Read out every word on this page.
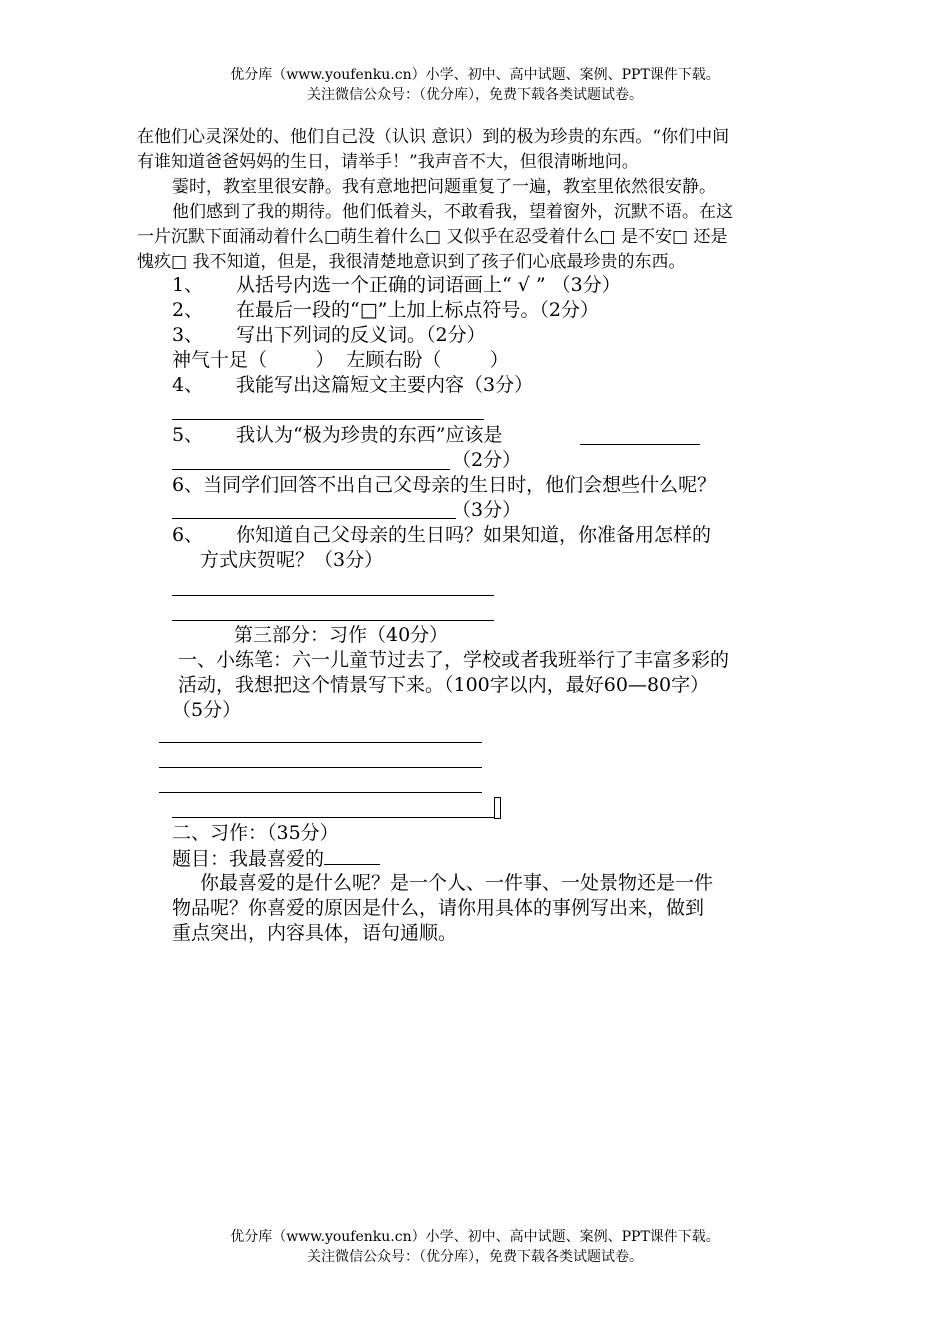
优分库（www.youfenku.cn）小学、初中、高中试题、案例、PPT课件下载。
关注微信公众号：（优分库），免费下载各类试题试卷。
在他们心灵深处的、他们自己没（认识 意识）到的极为珍贵的东西。“你们中间
有谁知道爸爸妈妈的生日，请举手！”我声音不大，但很清晰地问。
霎时，教室里很安静。我有意地把问题重复了一遍，教室里依然很安静。
他们感到了我的期待。他们低着头，不敢看我，望着窗外，沉默不语。在这
一片沉默下面涌动着什么□萌生着什么□ 又似乎在忍受着什么□ 是不安□ 还是
愧疚□ 我不知道，但是，我很清楚地意识到了孩子们心底最珍贵的东西。
1、 从括号内选一个正确的词语画上“ √ ” （3分）
2、 在最后一段的“□”上加上标点符号。（2分）
3、 写出下列词的反义词。（2分）
神气十足（        ）  左顾右盼（        ）
4、 我能写出这篇短文主要内容（3分）
5、 我认为“极为珍贵的东西”应该是
（2分）
6、当同学们回答不出自己父母亲的生日时，他们会想些什么呢？
（3分）
6、 你知道自己父母亲的生日吗？如果知道，你准备用怎样的
方式庆贺呢？（3分）
第三部分：习作（40分）
一、小练笔：六一儿童节过去了，学校或者我班举行了丰富多彩的
活动，我想把这个情景写下来。（100字以内，最好60—80字）
（5分）
二、习作：（35分）
题目：我最喜爱的
你最喜爱的是什么呢？是一个人、一件事、一处景物还是一件
物品呢？你喜爱的原因是什么，请你用具体的事例写出来，做到
重点突出，内容具体，语句通顺。
优分库（www.youfenku.cn）小学、初中、高中试题、案例、PPT课件下载。
关注微信公众号：（优分库），免费下载各类试题试卷。
